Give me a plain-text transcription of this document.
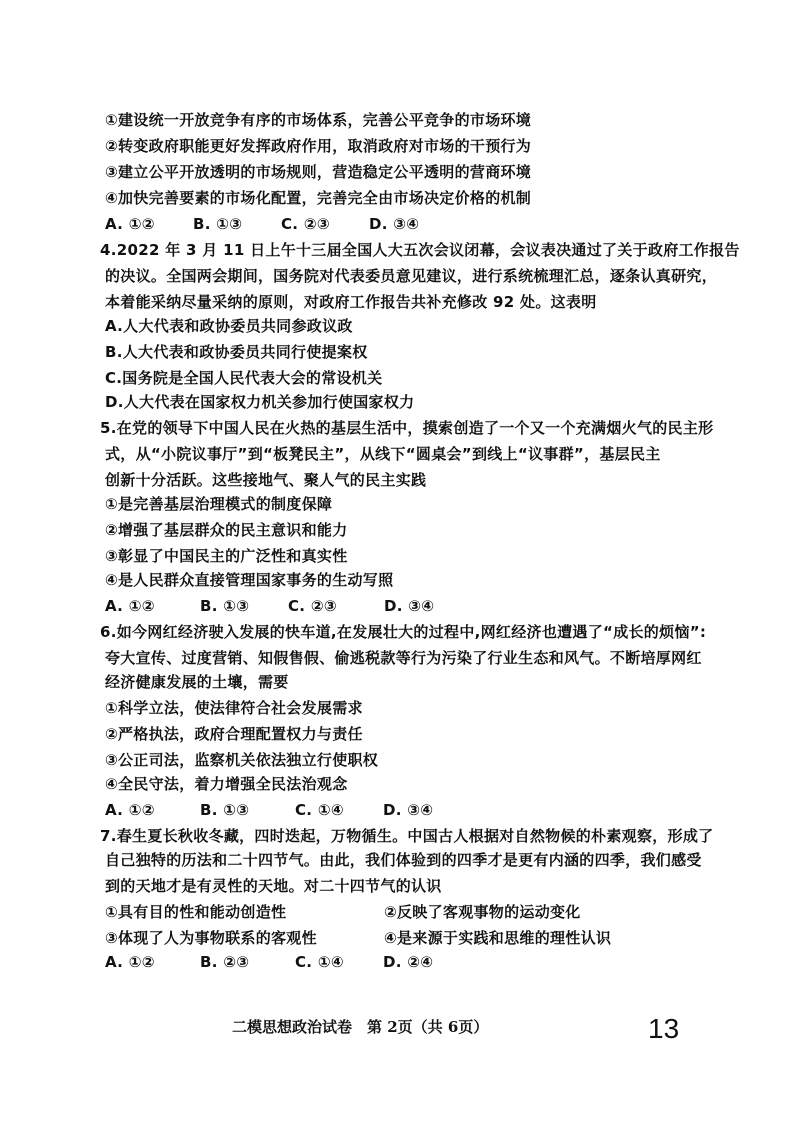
①建设统一开放竞争有序的市场体系，完善公平竞争的市场环境
②转变政府职能更好发挥政府作用，取消政府对市场的干预行为
③建立公平开放透明的市场规则，营造稳定公平透明的营商环境
④加快完善要素的市场化配置，完善完全由市场决定价格的机制
A. ①②	B. ①③	C. ②③	D. ③④
4.2022 年 3 月 11 日上午十三届全国人大五次会议闭幕，会议表决通过了关于政府工作报告
的决议。全国两会期间，国务院对代表委员意见建议，进行系统梳理汇总，逐条认真研究，
本着能采纳尽量采纳的原则，对政府工作报告共补充修改 92 处。这表明
A.人大代表和政协委员共同参政议政
B.人大代表和政协委员共同行使提案权
C.国务院是全国人民代表大会的常设机关
D.人大代表在国家权力机关参加行使国家权力
5.在党的领导下中国人民在火热的基层生活中，摸索创造了一个又一个充满烟火气的民主形
式，从“小院议事厅”到“板凳民主”，从线下“圆桌会”到线上“议事群”，基层民主
创新十分活跃。这些接地气、聚人气的民主实践
①是完善基层治理模式的制度保障
②增强了基层群众的民主意识和能力
③彰显了中国民主的广泛性和真实性
④是人民群众直接管理国家事务的生动写照
A. ①②	B. ①③	C. ②③	D. ③④
6.如今网红经济驶入发展的快车道,在发展壮大的过程中,网红经济也遭遇了“成长的烦恼”:
夸大宣传、过度营销、知假售假、偷逃税款等行为污染了行业生态和风气。不断培厚网红
经济健康发展的土壤，需要
①科学立法，使法律符合社会发展需求
②严格执法，政府合理配置权力与责任
③公正司法，监察机关依法独立行使职权
④全民守法，着力增强全民法治观念
A. ①②	B. ①③	C. ①④	D. ③④
7.春生夏长秋收冬藏，四时迭起，万物循生。中国古人根据对自然物候的朴素观察，形成了
自己独特的历法和二十四节气。由此，我们体验到的四季才是更有内涵的四季，我们感受
到的天地才是有灵性的天地。对二十四节气的认识
①具有目的性和能动创造性	②反映了客观事物的运动变化
③体现了人为事物联系的客观性	④是来源于实践和思维的理性认识
A. ①②	B. ②③	C. ①④	D. ②④
二模思想政治试卷　第 2页（共 6页）	13
